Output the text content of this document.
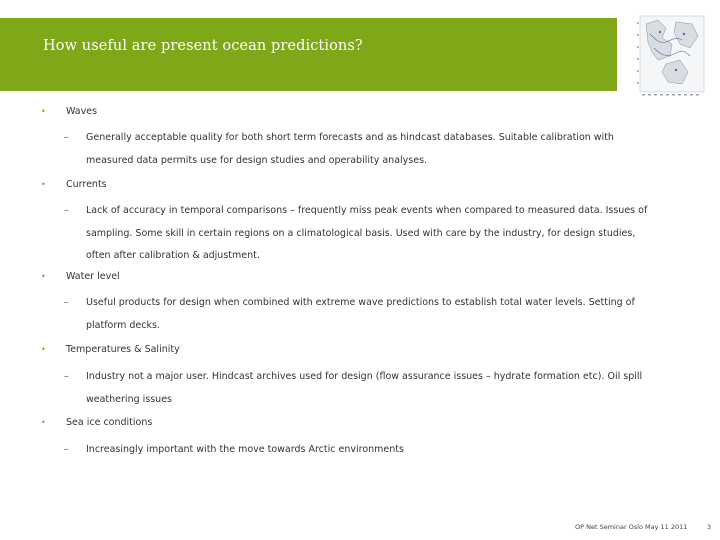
How useful are present ocean predictions?
• Waves
– Generally acceptable quality for both short term forecasts and as hindcast databases. Suitable calibration with measured data permits use for design studies and operability analyses.
• Currents
– Lack of accuracy in temporal comparisons – frequently miss peak events when compared to measured data. Issues of sampling. Some skill in certain regions on a climatological basis. Used with care by the industry, for design studies, often after calibration & adjustment.
• Water level
– Useful products for design when combined with extreme wave predictions to establish total water levels. Setting of platform decks.
• Temperatures & Salinity
– Industry not a major user. Hindcast archives used for design (flow assurance issues – hydrate formation etc). Oil spill weathering issues
• Sea ice conditions
– Increasingly important with the move towards Arctic environments
OP Net Seminar Oslo May 11 2011	3
